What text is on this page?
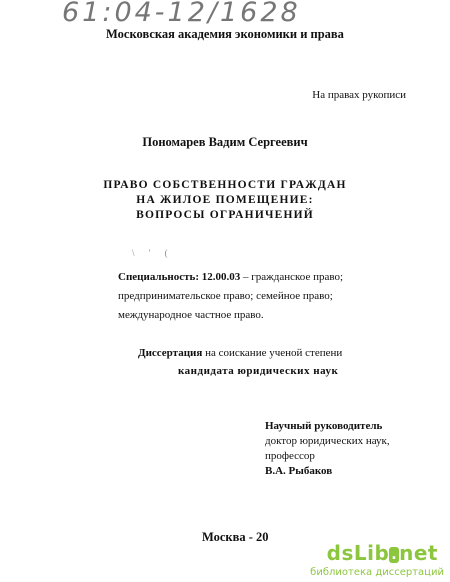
61:04-12/1628
Московская академия экономики и права
На правах рукописи
Пономарев Вадим Сергеевич
ПРАВО СОБСТВЕННОСТИ ГРАЖДАН
НА ЖИЛОЕ ПОМЕЩЕНИЕ:
ВОПРОСЫ ОГРАНИЧЕНИЙ
\ ' (
Специальность: 12.00.03 – гражданское право;
предпринимательское право; семейное право;
международное частное право.
Диссертация на соискание ученой степени
кандидата юридических наук
Научный руководитель
доктор юридических наук,
профессор
В.А. Рыбаков
Москва - 20
dsLib . net
библиотека диссертаций
